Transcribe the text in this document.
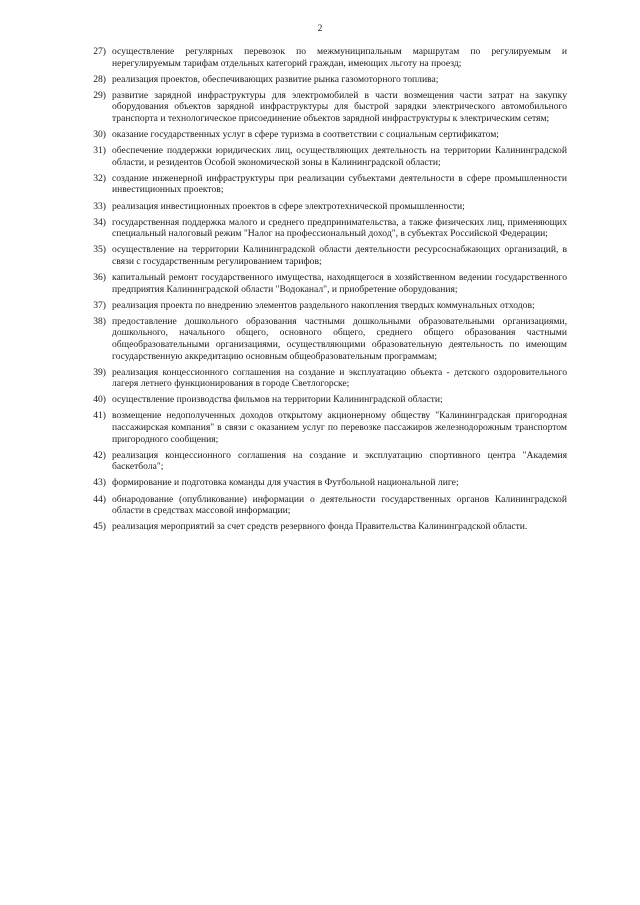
2
27) осуществление регулярных перевозок по межмуниципальным маршрутам по регулируемым и нерегулируемым тарифам отдельных категорий граждан, имеющих льготу на проезд;
28) реализация проектов, обеспечивающих развитие рынка газомоторного топлива;
29) развитие зарядной инфраструктуры для электромобилей в части возмещения части затрат на закупку оборудования объектов зарядной инфраструктуры для быстрой зарядки электрического автомобильного транспорта и технологическое присоединение объектов зарядной инфраструктуры к электрическим сетям;
30) оказание государственных услуг в сфере туризма в соответствии с социальным сертификатом;
31) обеспечение поддержки юридических лиц, осуществляющих деятельность на территории Калининградской области, и резидентов Особой экономической зоны в Калининградской области;
32) создание инженерной инфраструктуры при реализации субъектами деятельности в сфере промышленности инвестиционных проектов;
33) реализация инвестиционных проектов в сфере электротехнической промышленности;
34) государственная поддержка малого и среднего предпринимательства, а также физических лиц, применяющих специальный налоговый режим "Налог на профессиональный доход", в субъектах Российской Федерации;
35) осуществление на территории Калининградской области деятельности ресурсоснабжающих организаций, в связи с государственным регулированием тарифов;
36) капитальный ремонт государственного имущества, находящегося в хозяйственном ведении государственного предприятия Калининградской области "Водоканал", и приобретение оборудования;
37) реализация проекта по внедрению элементов раздельного накопления твердых коммунальных отходов;
38) предоставление дошкольного образования частными дошкольными образовательными организациями, дошкольного, начального общего, основного общего, среднего общего образования частными общеобразовательными организациями, осуществляющими образовательную деятельность по имеющим государственную аккредитацию основным общеобразовательным программам;
39) реализация концессионного соглашения на создание и эксплуатацию объекта - детского оздоровительного лагеря летнего функционирования в городе Светлогорске;
40) осуществление производства фильмов на территории Калининградской области;
41) возмещение недополученных доходов открытому акционерному обществу "Калининградская пригородная пассажирская компания" в связи с оказанием услуг по перевозке пассажиров железнодорожным транспортом пригородного сообщения;
42) реализация концессионного соглашения на создание и эксплуатацию спортивного центра "Академия баскетбола";
43) формирование и подготовка команды для участия в Футбольной национальной лиге;
44) обнародование (опубликование) информации о деятельности государственных органов Калининградской области в средствах массовой информации;
45) реализация мероприятий за счет средств резервного фонда Правительства Калининградской области.
